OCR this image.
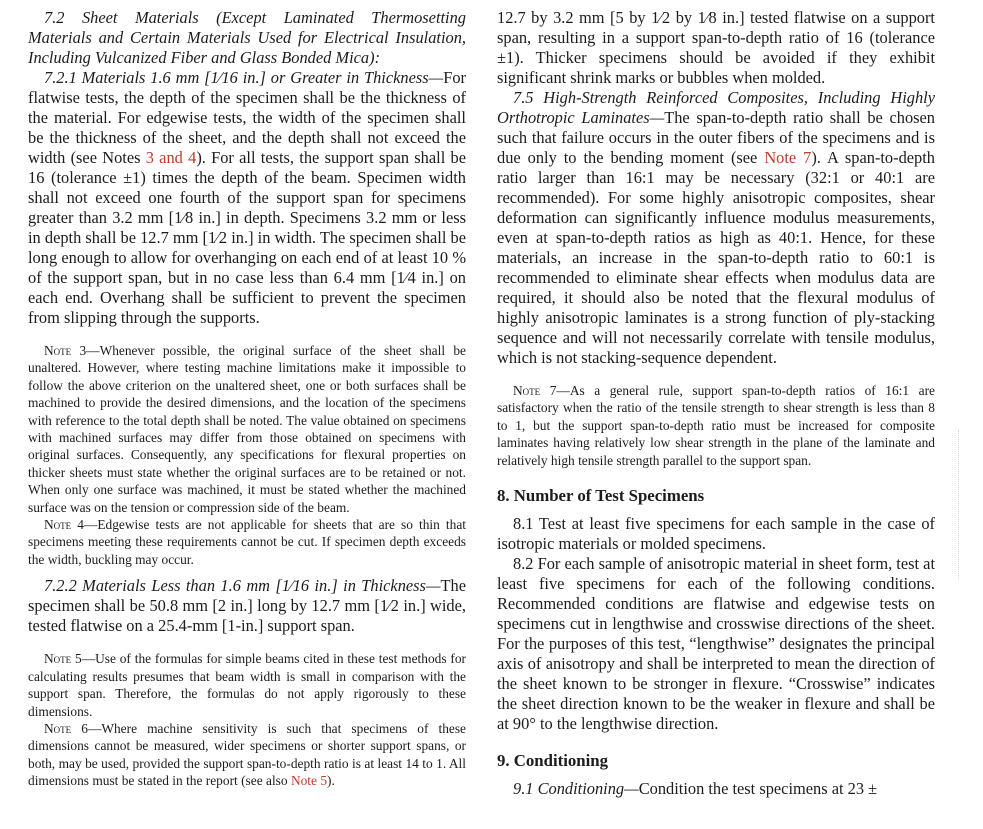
7.2 Sheet Materials (Except Laminated Thermosetting Materials and Certain Materials Used for Electrical Insulation, Including Vulcanized Fiber and Glass Bonded Mica):

7.2.1 Materials 1.6 mm [1⁄16 in.] or Greater in Thickness—For flatwise tests, the depth of the specimen shall be the thickness of the material. For edgewise tests, the width of the specimen shall be the thickness of the sheet, and the depth shall not exceed the width (see Notes 3 and 4). For all tests, the support span shall be 16 (tolerance ±1) times the depth of the beam. Specimen width shall not exceed one fourth of the support span for specimens greater than 3.2 mm [1⁄8 in.] in depth. Specimens 3.2 mm or less in depth shall be 12.7 mm [1⁄2 in.] in width. The specimen shall be long enough to allow for overhanging on each end of at least 10 % of the support span, but in no case less than 6.4 mm [1⁄4 in.] on each end. Overhang shall be sufficient to prevent the specimen from slipping through the supports.

Note 3—Whenever possible, the original surface of the sheet shall be unaltered. However, where testing machine limitations make it impossible to follow the above criterion on the unaltered sheet, one or both surfaces shall be machined to provide the desired dimensions, and the location of the specimens with reference to the total depth shall be noted. The value obtained on specimens with machined surfaces may differ from those obtained on specimens with original surfaces. Consequently, any specifications for flexural properties on thicker sheets must state whether the original surfaces are to be retained or not. When only one surface was machined, it must be stated whether the machined surface was on the tension or compression side of the beam.

Note 4—Edgewise tests are not applicable for sheets that are so thin that specimens meeting these requirements cannot be cut. If specimen depth exceeds the width, buckling may occur.

7.2.2 Materials Less than 1.6 mm [1⁄16 in.] in Thickness—The specimen shall be 50.8 mm [2 in.] long by 12.7 mm [1⁄2 in.] wide, tested flatwise on a 25.4-mm [1-in.] support span.

Note 5—Use of the formulas for simple beams cited in these test methods for calculating results presumes that beam width is small in comparison with the support span. Therefore, the formulas do not apply rigorously to these dimensions.

Note 6—Where machine sensitivity is such that specimens of these dimensions cannot be measured, wider specimens or shorter support spans, or both, may be used, provided the support span-to-depth ratio is at least 14 to 1. All dimensions must be stated in the report (see also Note 5).

12.7 by 3.2 mm [5 by 1⁄2 by 1⁄8 in.] tested flatwise on a support span, resulting in a support span-to-depth ratio of 16 (tolerance ±1). Thicker specimens should be avoided if they exhibit significant shrink marks or bubbles when molded.

7.5 High-Strength Reinforced Composites, Including Highly Orthotropic Laminates—The span-to-depth ratio shall be chosen such that failure occurs in the outer fibers of the specimens and is due only to the bending moment (see Note 7). A span-to-depth ratio larger than 16:1 may be necessary (32:1 or 40:1 are recommended). For some highly anisotropic composites, shear deformation can significantly influence modulus measurements, even at span-to-depth ratios as high as 40:1. Hence, for these materials, an increase in the span-to-depth ratio to 60:1 is recommended to eliminate shear effects when modulus data are required, it should also be noted that the flexural modulus of highly anisotropic laminates is a strong function of ply-stacking sequence and will not necessarily correlate with tensile modulus, which is not stacking-sequence dependent.

Note 7—As a general rule, support span-to-depth ratios of 16:1 are satisfactory when the ratio of the tensile strength to shear strength is less than 8 to 1, but the support span-to-depth ratio must be increased for composite laminates having relatively low shear strength in the plane of the laminate and relatively high tensile strength parallel to the support span.

8. Number of Test Specimens

8.1 Test at least five specimens for each sample in the case of isotropic materials or molded specimens.

8.2 For each sample of anisotropic material in sheet form, test at least five specimens for each of the following conditions. Recommended conditions are flatwise and edgewise tests on specimens cut in lengthwise and crosswise directions of the sheet. For the purposes of this test, “lengthwise” designates the principal axis of anisotropy and shall be interpreted to mean the direction of the sheet known to be stronger in flexure. “Crosswise” indicates the sheet direction known to be the weaker in flexure and shall be at 90° to the lengthwise direction.

9. Conditioning

9.1 Conditioning—Condition the test specimens at 23 ±
